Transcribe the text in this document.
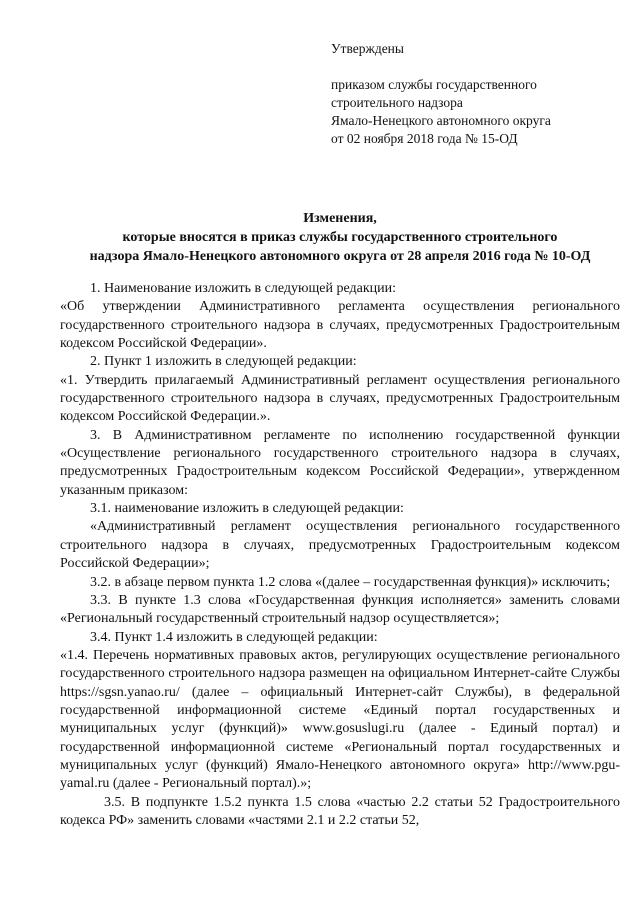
Утверждены
приказом службы государственного
строительного надзора
Ямало-Ненецкого автономного округа
от 02 ноября 2018 года № 15-ОД
Изменения,
которые вносятся в приказ службы государственного строительного
надзора Ямало-Ненецкого автономного округа от 28 апреля 2016 года № 10-ОД

1. Наименование изложить в следующей редакции:

«Об утверждении Административного регламента осуществления регионального государственного строительного надзора в случаях, предусмотренных Градостроительным кодексом Российской Федерации».

2. Пункт 1 изложить в следующей редакции:

«1. Утвердить прилагаемый Административный регламент осуществления регионального государственного строительного надзора в случаях, предусмотренных Градостроительным кодексом Российской Федерации.».

3. В Административном регламенте по исполнению государственной функции «Осуществление регионального государственного строительного надзора в случаях, предусмотренных Градостроительным кодексом Российской Федерации», утвержденном указанным приказом:

3.1. наименование изложить в следующей редакции:

«Административный регламент осуществления регионального государственного строительного надзора в случаях, предусмотренных Градостроительным кодексом Российской Федерации»;

3.2. в абзаце первом пункта 1.2 слова «(далее – государственная функция)» исключить;

3.3. В пункте 1.3 слова «Государственная функция исполняется» заменить словами «Региональный государственный строительный надзор осуществляется»;

3.4. Пункт 1.4 изложить в следующей редакции:

«1.4. Перечень нормативных правовых актов, регулирующих осуществление регионального государственного строительного надзора размещен на официальном Интернет-сайте Службы https://sgsn.yanao.ru/ (далее – официальный Интернет-сайт Службы), в федеральной государственной информационной системе «Единый портал государственных и муниципальных услуг (функций)» www.gosuslugi.ru (далее - Единый портал) и государственной информационной системе «Региональный портал государственных и муниципальных услуг (функций) Ямало-Ненецкого автономного округа» http://www.pgu-yamal.ru (далее - Региональный портал).»;

3.5. В подпункте 1.5.2 пункта 1.5 слова «частью 2.2 статьи 52 Градостроительного кодекса РФ» заменить словами «частями 2.1 и 2.2 статьи 52,
